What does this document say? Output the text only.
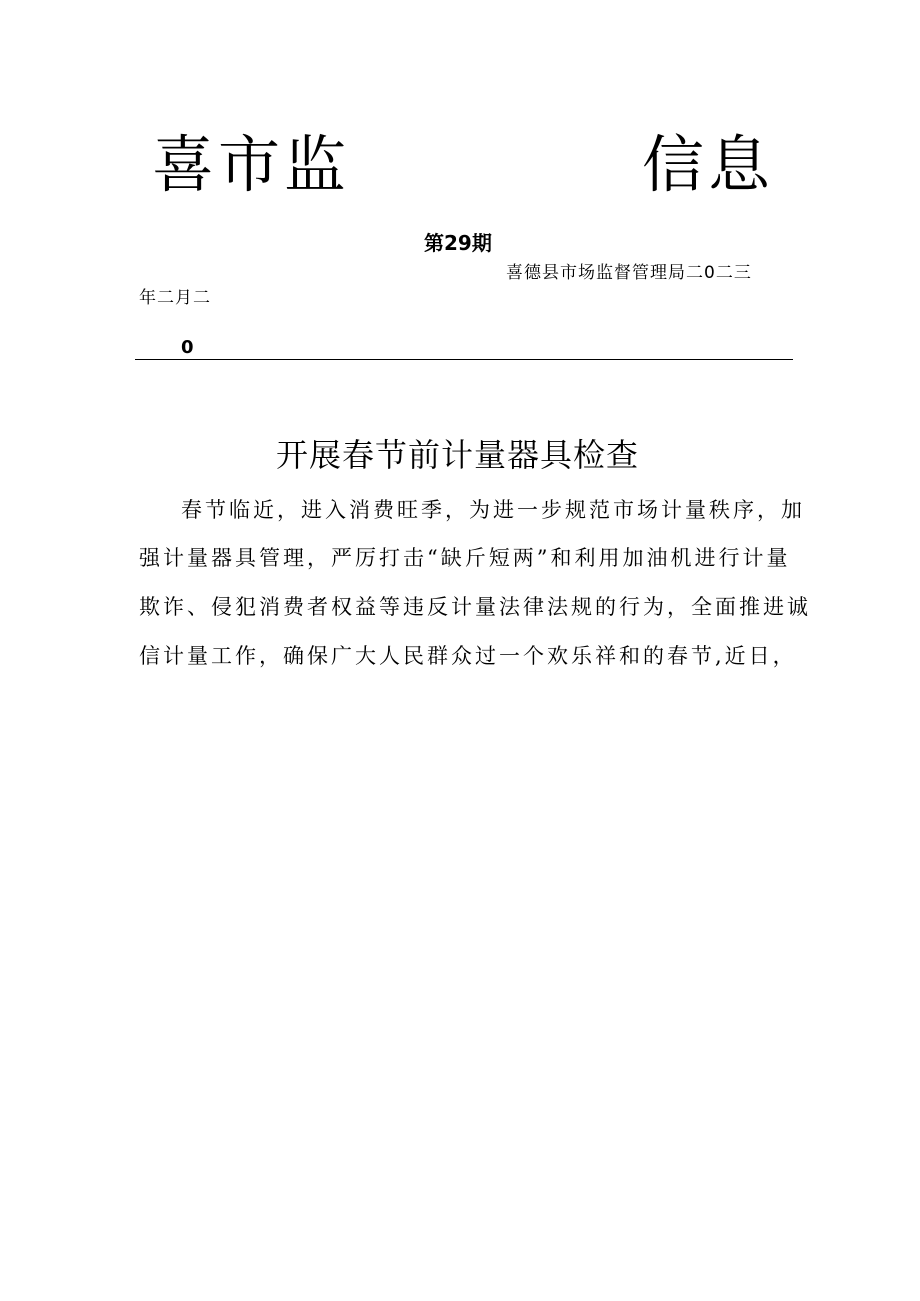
喜市监	信息
第29期
喜德县市场监督管理局二0二三
年二月二
0
开展春节前计量器具检查
春节临近，进入消费旺季，为进一步规范市场计量秩序，加
强计量器具管理，严厉打击“缺斤短两”和利用加油机进行计量
欺诈、侵犯消费者权益等违反计量法律法规的行为，全面推进诚
信计量工作，确保广大人民群众过一个欢乐祥和的春节,近日，
